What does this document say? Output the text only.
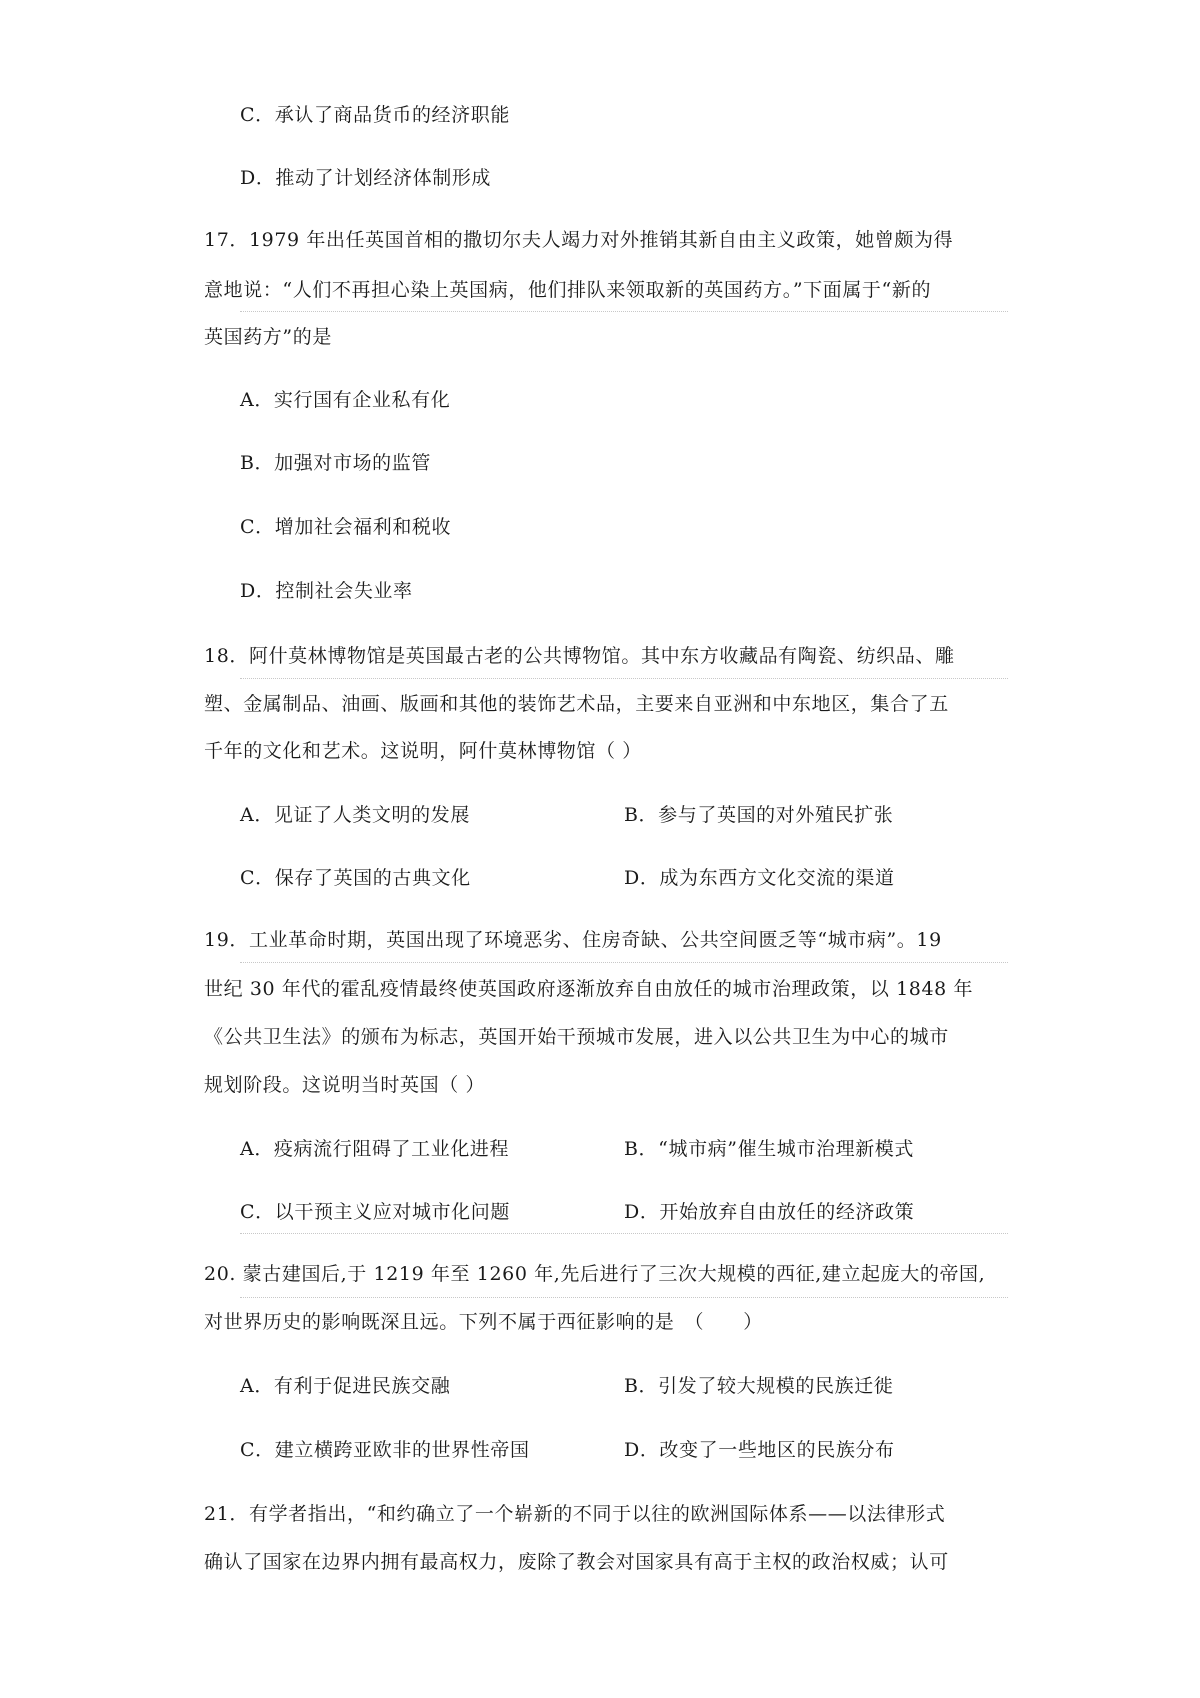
C．承认了商品货币的经济职能
D．推动了计划经济体制形成
17．1979 年出任英国首相的撒切尔夫人竭力对外推销其新自由主义政策，她曾颇为得
意地说：“人们不再担心染上英国病，他们排队来领取新的英国药方。”下面属于“新的
英国药方”的是
A．实行国有企业私有化
B．加强对市场的监管
C．增加社会福利和税收
D．控制社会失业率
18．阿什莫林博物馆是英国最古老的公共博物馆。其中东方收藏品有陶瓷、纺织品、雕
塑、金属制品、油画、版画和其他的装饰艺术品，主要来自亚洲和中东地区，集合了五
千年的文化和艺术。这说明，阿什莫林博物馆（ ）
A．见证了人类文明的发展	B．参与了英国的对外殖民扩张
C．保存了英国的古典文化	D．成为东西方文化交流的渠道
19．工业革命时期，英国出现了环境恶劣、住房奇缺、公共空间匮乏等“城市病”。19
世纪 30 年代的霍乱疫情最终使英国政府逐渐放弃自由放任的城市治理政策，以 1848 年
《公共卫生法》的颁布为标志，英国开始干预城市发展，进入以公共卫生为中心的城市
规划阶段。这说明当时英国（ ）
A．疫病流行阻碍了工业化进程	B．“城市病”催生城市治理新模式
C．以干预主义应对城市化问题	D．开始放弃自由放任的经济政策
20. 蒙古建国后,于 1219 年至 1260 年,先后进行了三次大规模的西征,建立起庞大的帝国,
对世界历史的影响既深且远。下列不属于西征影响的是　（　　）
A．有利于促进民族交融	B．引发了较大规模的民族迁徙
C．建立横跨亚欧非的世界性帝国	D．改变了一些地区的民族分布
21．有学者指出，“和约确立了一个崭新的不同于以往的欧洲国际体系——以法律形式
确认了国家在边界内拥有最高权力，废除了教会对国家具有高于主权的政治权威；认可
